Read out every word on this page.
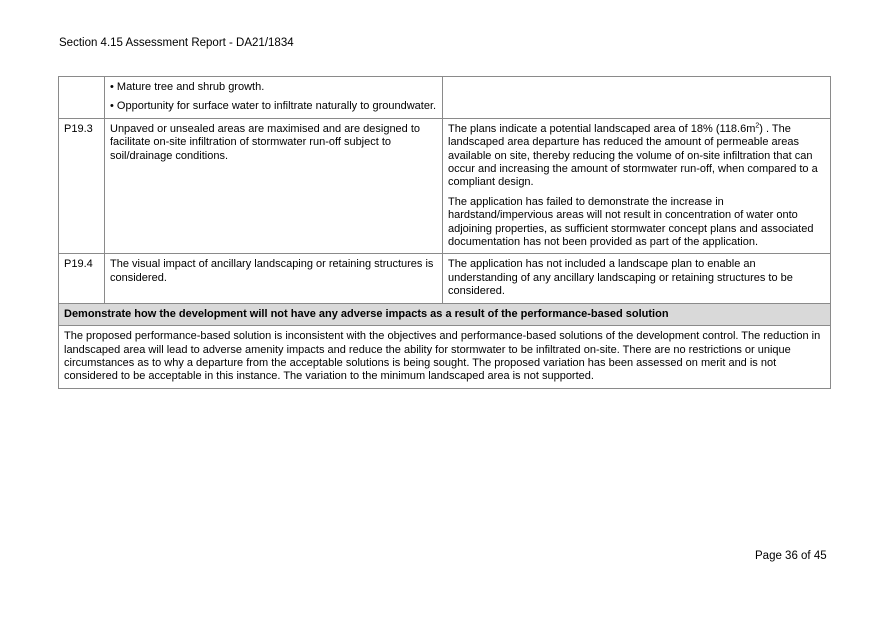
Section 4.15 Assessment Report - DA21/1834

	• Mature tree and shrub growth.

• Opportunity for surface water to infiltrate naturally to groundwater.	

P19.3	Unpaved or unsealed areas are maximised and are designed to facilitate on-site infiltration of stormwater run-off subject to soil/drainage conditions.	The plans indicate a potential landscaped area of 18% $(118.6m^2)$ . The landscaped area departure has reduced the amount of permeable areas available on site, thereby reducing the volume of on-site infiltration that can occur and increasing the amount of stormwater run-off, when compared to a compliant design.

The application has failed to demonstrate the increase in hardstand/impervious areas will not result in concentration of water onto adjoining properties, as sufficient stormwater concept plans and associated documentation has not been provided as part of the application.

P19.4	The visual impact of ancillary landscaping or retaining structures is considered.	The application has not included a landscape plan to enable an understanding of any ancillary landscaping or retaining structures to be considered.
Demonstrate how the development will not have any adverse impacts as a result of the performance-based solution		
The proposed performance-based solution is inconsistent with the objectives and performance-based solutions of the development control. The reduction in landscaped area will lead to adverse amenity impacts and reduce the ability for stormwater to be infiltrated on-site. There are no restrictions or unique circumstances as to why a departure from the acceptable solutions is being sought. The proposed variation has been assessed on merit and is not considered to be acceptable in this instance. The variation to the minimum landscaped area is not supported.		
Page 36 of 45
